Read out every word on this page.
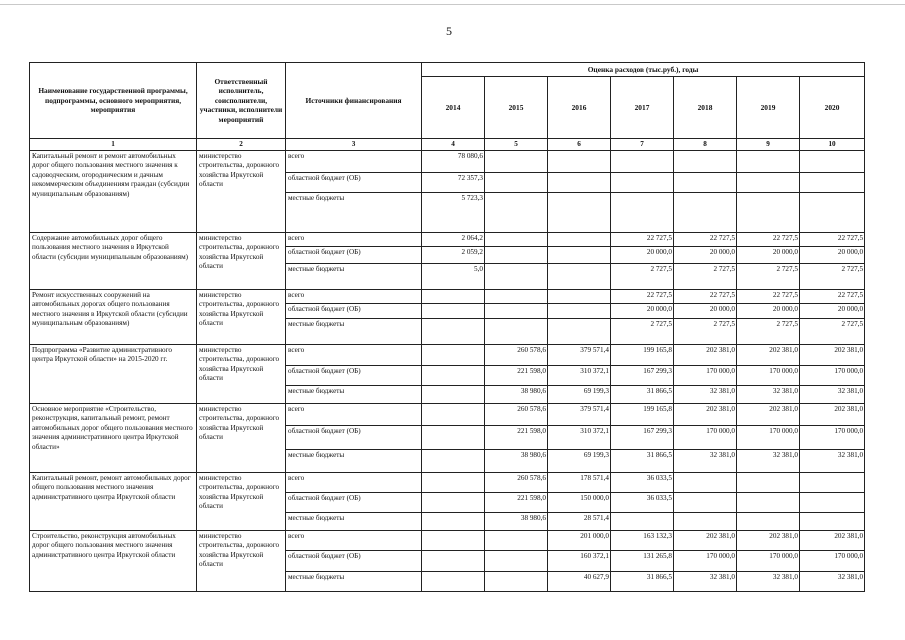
5
Наименование государственной программы, подпрограммы, основного мероприятия, мероприятия	Ответственный исполнитель, соисполнители, участники, исполнители мероприятий	Источники финансирования	Оценка расходов (тыс.руб.), годы						
			2014	2015	2016	2017	2018	2019	2020
1	2	3	4	5	6	7	8	9	10
Капитальный ремонт и ремонт автомобильных дорог общего пользования местного значения к садоводческим, огородническим и дачным некоммерческим объединениям граждан (субсидии муниципальным образованиям)	министерство строительства, дорожного хозяйства Иркутской области	всего	78 080,6						
		областной бюджет (ОБ)	72 357,3						
		местные бюджеты	5 723,3						
Содержание автомобильных дорог общего пользования местного значения в Иркутской области (субсидии муниципальным образованиям)	министерство строительства, дорожного хозяйства Иркутской области	всего	2 064,2			22 727,5	22 727,5	22 727,5	22 727,5
		областной бюджет (ОБ)	2 059,2			20 000,0	20 000,0	20 000,0	20 000,0
		местные бюджеты	5,0			2 727,5	2 727,5	2 727,5	2 727,5
Ремонт искусственных сооружений на автомобильных дорогах общего пользования местного значения в Иркутской области (субсидии муниципальным образованиям)	министерство строительства, дорожного хозяйства Иркутской области	всего				22 727,5	22 727,5	22 727,5	22 727,5
		областной бюджет (ОБ)				20 000,0	20 000,0	20 000,0	20 000,0
		местные бюджеты				2 727,5	2 727,5	2 727,5	2 727,5
Подпрограмма «Развитие административного центра Иркутской области» на 2015-2020 гг.	министерство строительства, дорожного хозяйства Иркутской области	всего		260 578,6	379 571,4	199 165,8	202 381,0	202 381,0	202 381,0
		областной бюджет (ОБ)		221 598,0	310 372,1	167 299,3	170 000,0	170 000,0	170 000,0
		местные бюджеты		38 980,6	69 199,3	31 866,5	32 381,0	32 381,0	32 381,0
Основное мероприятие «Строительство, реконструкция, капитальный ремонт, ремонт автомобильных дорог общего пользования местного значения административного центра Иркутской области»	министерство строительства, дорожного хозяйства Иркутской области	всего		260 578,6	379 571,4	199 165,8	202 381,0	202 381,0	202 381,0
		областной бюджет (ОБ)		221 598,0	310 372,1	167 299,3	170 000,0	170 000,0	170 000,0
		местные бюджеты		38 980,6	69 199,3	31 866,5	32 381,0	32 381,0	32 381,0
Капитальный ремонт, ремонт автомобильных дорог общего пользования местного значения административного центра Иркутской области	министерство строительства, дорожного хозяйства Иркутской области	всего		260 578,6	178 571,4	36 033,5			
		областной бюджет (ОБ)		221 598,0	150 000,0	36 033,5			
		местные бюджеты		38 980,6	28 571,4				
Строительство, реконструкция автомобильных дорог общего пользования местного значения административного центра Иркутской области	министерство строительства, дорожного хозяйства Иркутской области	всего			201 000,0	163 132,3	202 381,0	202 381,0	202 381,0
		областной бюджет (ОБ)			160 372,1	131 265,8	170 000,0	170 000,0	170 000,0
		местные бюджеты			40 627,9	31 866,5	32 381,0	32 381,0	32 381,0
